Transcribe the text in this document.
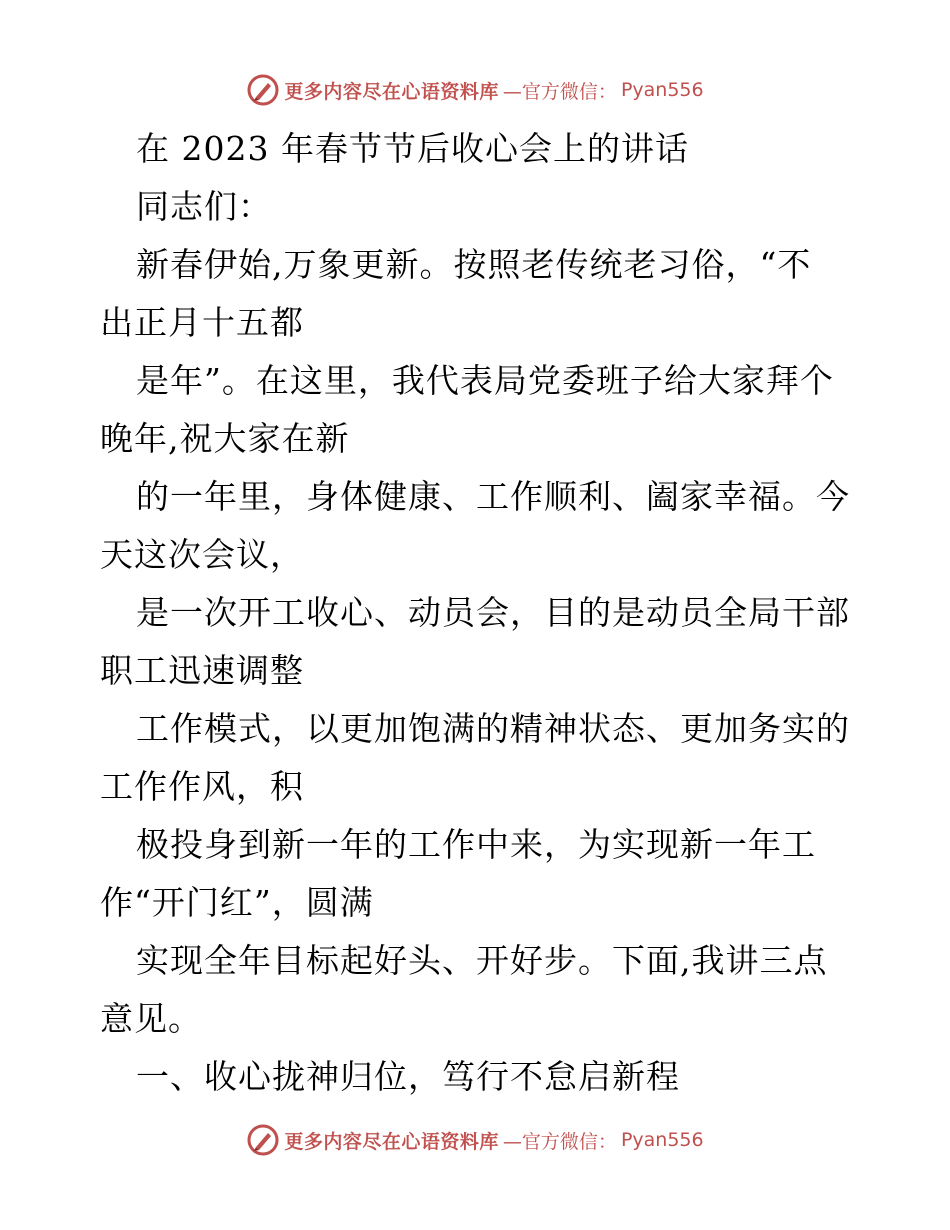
更多内容尽在心语资料库 —官方微信： Pyan556

在 2023 年春节节后收心会上的讲话

同志们：

新春伊始,万象更新。按照老传统老习俗，“不
出正月十五都

是年”。在这里，我代表局党委班子给大家拜个
晚年,祝大家在新

的一年里，身体健康、工作顺利、阖家幸福。今
天这次会议，

是一次开工收心、动员会，目的是动员全局干部
职工迅速调整

工作模式，以更加饱满的精神状态、更加务实的
工作作风，积

极投身到新一年的工作中来，为实现新一年工
作“开门红”，圆满

实现全年目标起好头、开好步。下面,我讲三点
意见。

一、收心拢神归位，笃行不怠启新程

更多内容尽在心语资料库 —官方微信： Pyan556
